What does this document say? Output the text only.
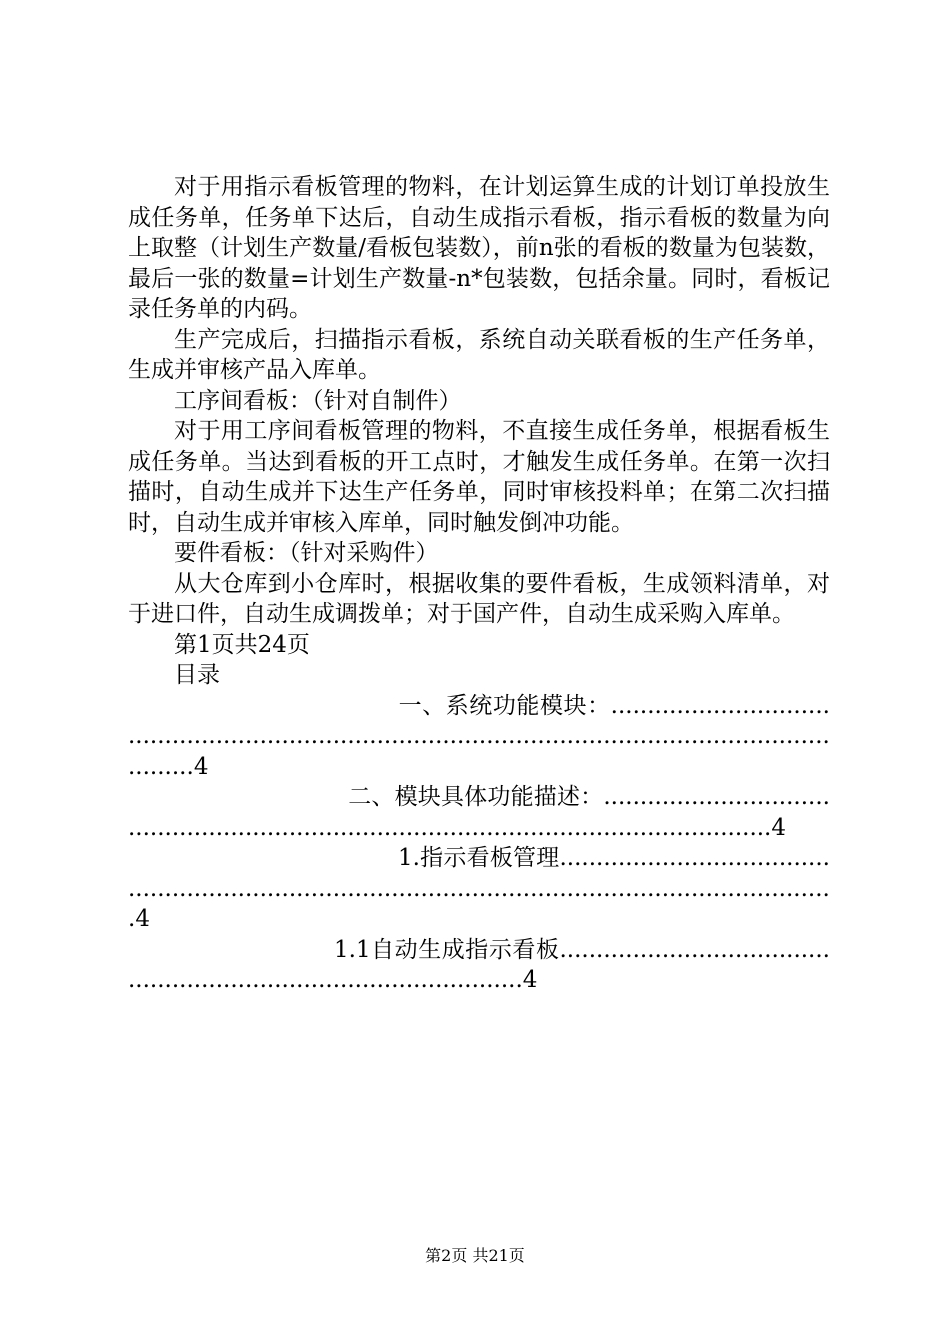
对于用指示看板管理的物料，在计划运算生成的计划订单投放生成任务单，任务单下达后，自动生成指示看板，指示看板的数量为向上取整（计划生产数量/看板包装数），前n张的看板的数量为包装数，最后一张的数量=计划生产数量-n*包装数，包括余量。同时，看板记录任务单的内码。

生产完成后，扫描指示看板，系统自动关联看板的生产任务单，生成并审核产品入库单。

工序间看板：（针对自制件）

对于用工序间看板管理的物料，不直接生成任务单，根据看板生成任务单。当达到看板的开工点时，才触发生成任务单。在第一次扫描时，自动生成并下达生产任务单，同时审核投料单；在第二次扫描时，自动生成并审核入库单，同时触发倒冲功能。

要件看板：（针对采购件）

从大仓库到小仓库时，根据收集的要件看板，生成领料清单，对于进口件，自动生成调拨单；对于国产件，自动生成采购入库单。

第1页共24页

目录

一、系统功能模块：.......................................................................................................................................4

二、模块具体功能描述：.......................................................................................................................4

1.指示看板管理......................................................................................................................................4

1.1自动生成指示看板...........................................................................................4

第2页 共21页
